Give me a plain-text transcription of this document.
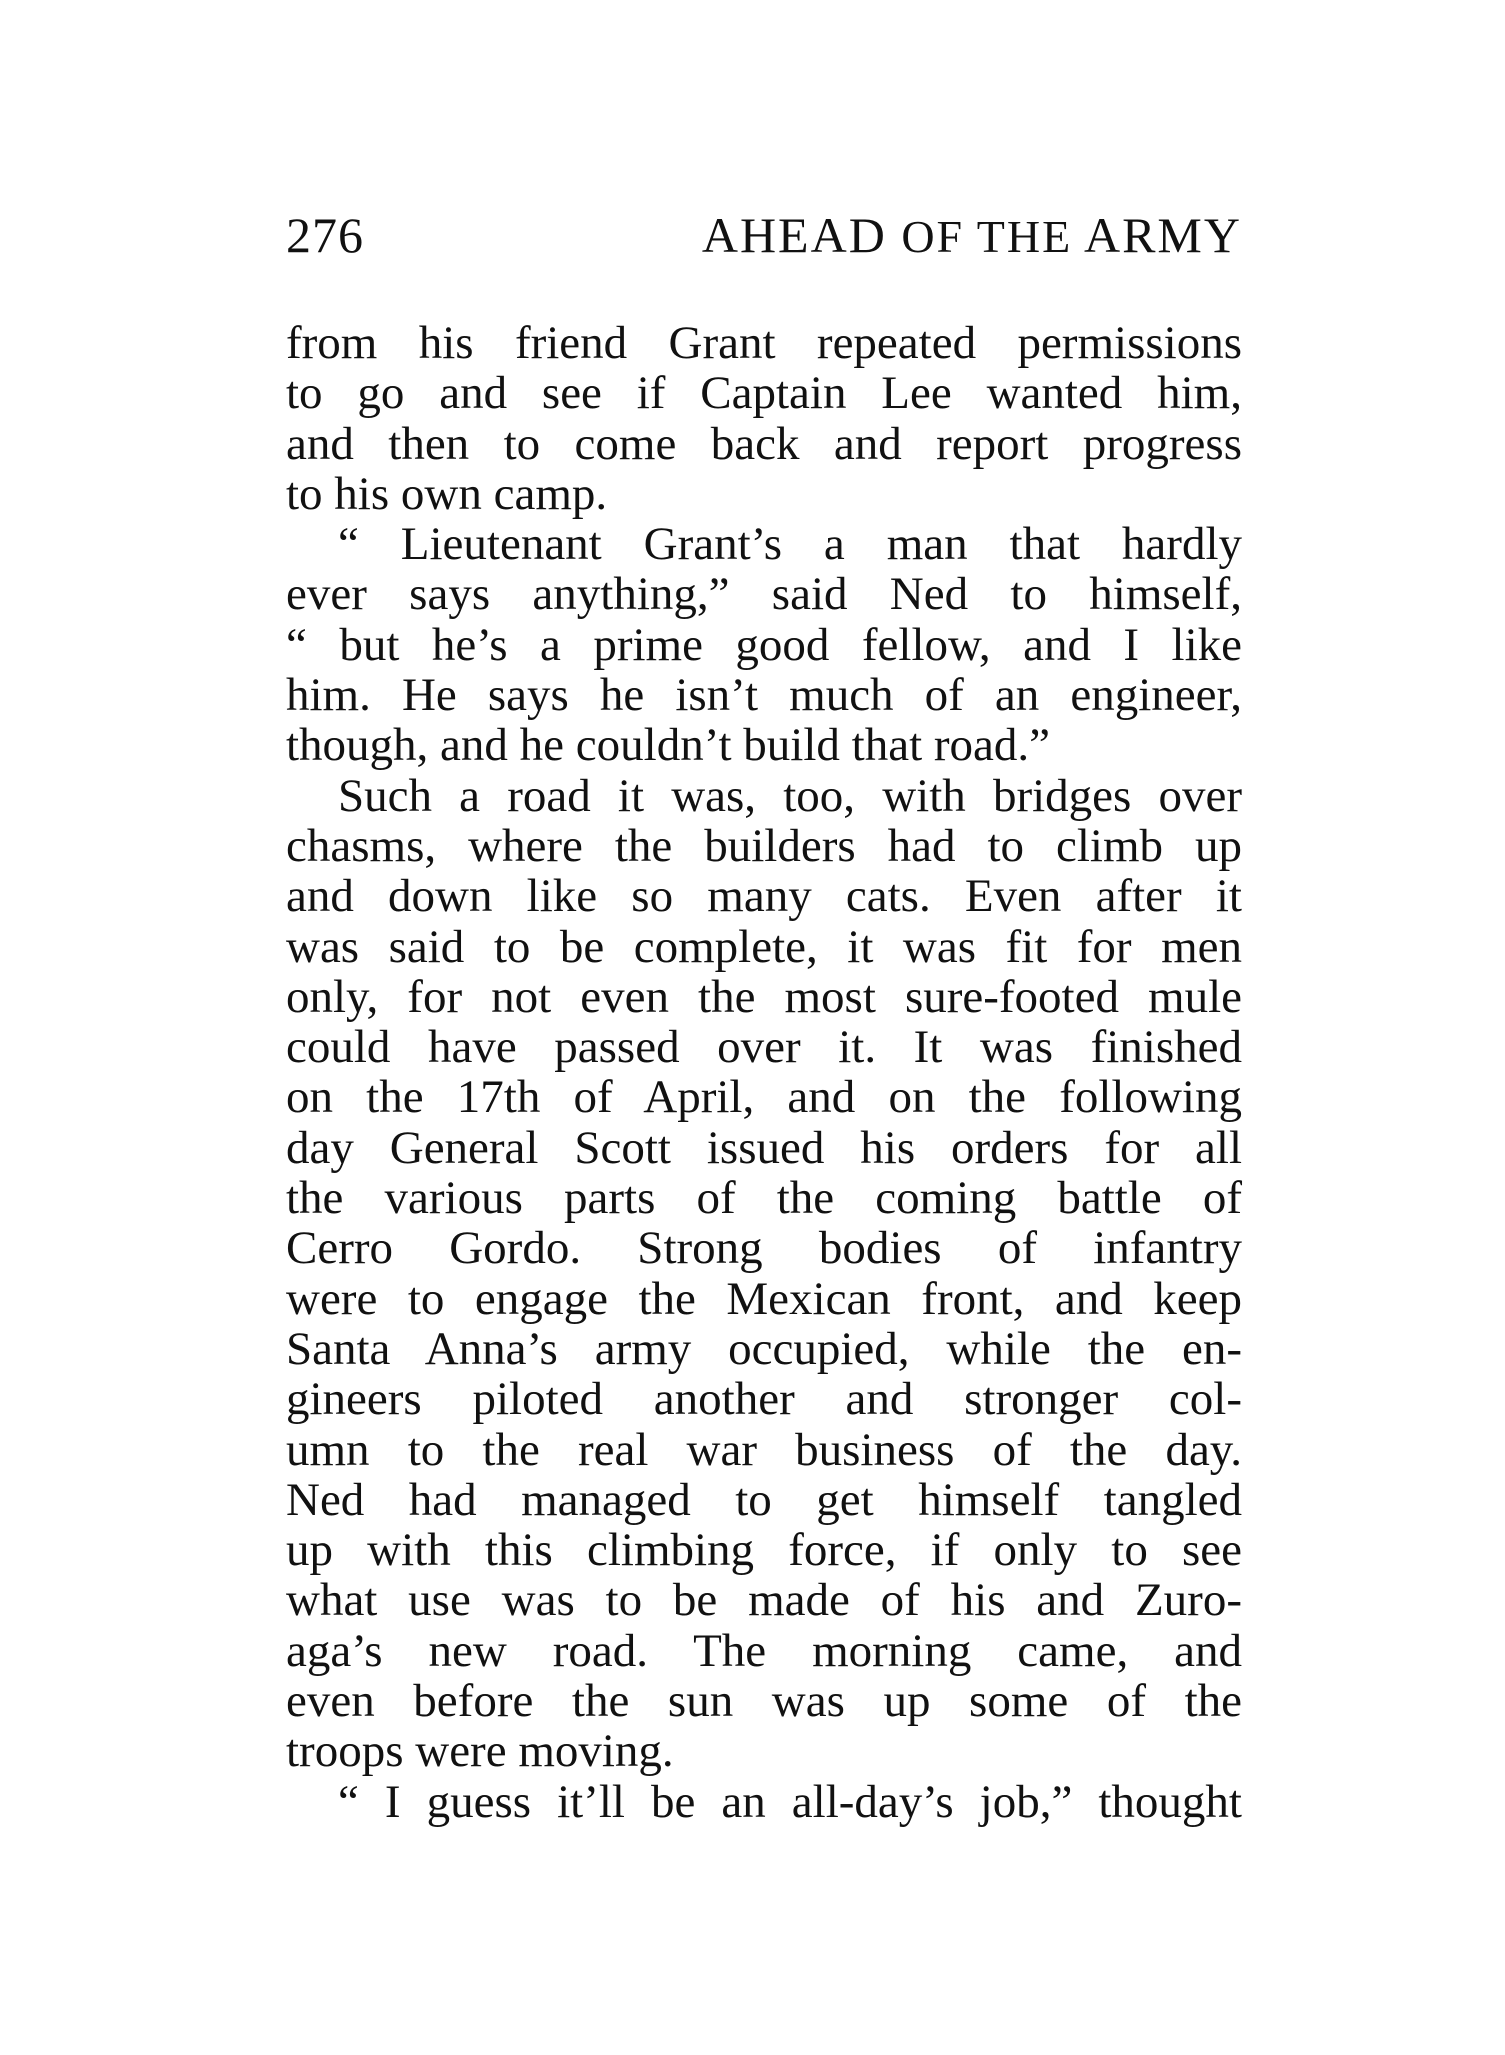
276	AHEAD OF THE ARMY
from his friend Grant repeated permissions
to go and see if Captain Lee wanted him,
and then to come back and report progress
to his own camp.
“ Lieutenant Grant’s a man that hardly
ever says anything,” said Ned to himself,
“ but he’s a prime good fellow, and I like
him. He says he isn’t much of an engineer,
though, and he couldn’t build that road.”
Such a road it was, too, with bridges over
chasms, where the builders had to climb up
and down like so many cats. Even after it
was said to be complete, it was fit for men
only, for not even the most sure-footed mule
could have passed over it. It was finished
on the 17th of April, and on the following
day General Scott issued his orders for all
the various parts of the coming battle of
Cerro Gordo. Strong bodies of infantry
were to engage the Mexican front, and keep
Santa Anna’s army occupied, while the en-
gineers piloted another and stronger col-
umn to the real war business of the day.
Ned had managed to get himself tangled
up with this climbing force, if only to see
what use was to be made of his and Zuro-
aga’s new road. The morning came, and
even before the sun was up some of the
troops were moving.
“ I guess it’ll be an all-day’s job,” thought
